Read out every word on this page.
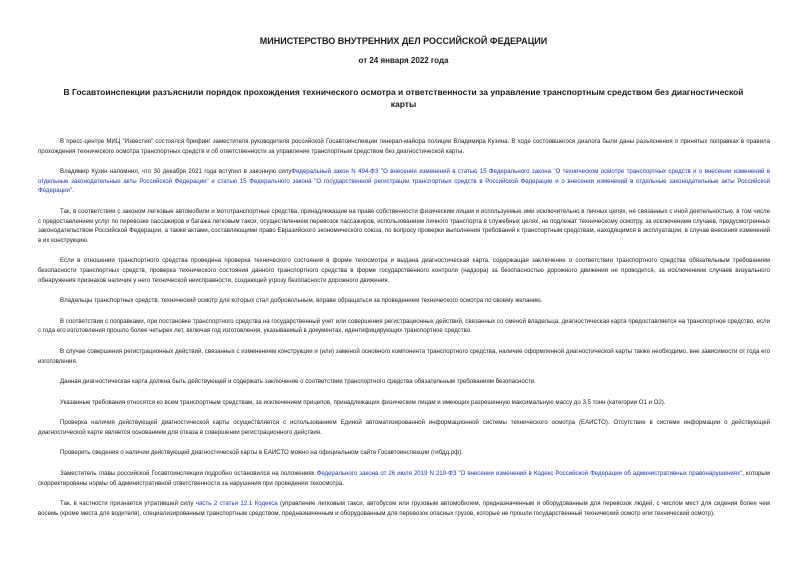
МИНИСТЕРСТВО ВНУТРЕННИХ ДЕЛ РОССИЙСКОЙ ФЕДЕРАЦИИ
от 24 января 2022 года
В Госавтоинспекции разъяснили порядок прохождения технического осмотра и ответственности за управление транспортным средством без диагностической карты

В пресс-центре МИЦ "Известия" состоялся брифинг заместителя руководителя российской Госавтоинспекции генерал-майора полиции Владимира Кузина. В ходе состоявшегося диалога были даны разъяснения о принятых поправках в правила прохождения технического осмотра транспортных средств и об ответственности за управление транспортным средством без диагностической карты.

Владимир Кузин напомнил, что 30 декабря 2021 года вступил в законную силуФедеральный закон N 494-ФЗ "О внесении изменений в статью 15 Федерального закона "О техническом осмотре транспортных средств и о внесении изменений в отдельные законодательные акты Российской Федерации" и статью 15 Федерального закона "О государственной регистрации транспортных средств в Российской Федерации и о внесении изменений в отдельные законодательные акты Российской Федерации".

Так, в соответствии с законом легковые автомобили и мототранспортные средства, принадлежащие на праве собственности физическим лицам и используемые ими исключительно в личных целях, не связанных с иной деятельностью, в том числе с предоставлением услуг по перевозке пассажиров и багажа легковым такси, осуществлением перевозок пассажиров, использованием личного транспорта в служебных целях, не подлежат техническому осмотру, за исключением случаев, предусмотренных законодательством Российской Федерации, а также актами, составляющими право Евразийского экономического союза, по вопросу проверки выполнения требований к транспортным средствам, находящимся в эксплуатации, в случае внесения изменений в их конструкцию.

Если в отношении транспортного средства проведена проверка технического состояния в форме техосмотра и выдана диагностическая карта, содержащая заключение о соответствии транспортного средства обязательным требованиям безопасности транспортных средств, проверка технического состояния данного транспортного средства в форме государственного контроля (надзора) за безопасностью дорожного движения не проводится, за исключением случаев визуального обнаружения признаков наличия у него технической неисправности, создающей угрозу безопасности дорожного движения.

Владельцы транспортных средств, технический осмотр для которых стал добровольным, вправе обращаться за проведением технического осмотра по своему желанию.

В соответствии с поправками, при постановке транспортного средства на государственный учет или совершения регистрационных действий, связанных со сменой владельца, диагностическая карта предоставляется на транспортное средство, если с года его изготовления прошло более четырех лет, включая год изготовления, указываемый в документах, идентифицирующих транспортное средство.

В случае совершения регистрационных действий, связанных с изменением конструкции и (или) заменой основного компонента транспортного средства, наличие оформленной диагностической карты также необходимо, вне зависимости от года его изготовления.

Данная диагностическая карта должна быть действующей и содержать заключение о соответствии транспортного средства обязательным требованиям безопасности.

Указанные требования относятся ко всем транспортным средствам, за исключением прицепов, принадлежащих физическим лицам и имеющих разрешенную максимальную массу до 3,5 тонн (категории О1 и О2).

Проверка наличия действующей диагностической карты осуществляется с использованием Единой автоматизированной информационной системы технического осмотра (ЕАИСТО). Отсутствие в системе информации о действующей диагностической карте является основанием для отказа в совершении регистрационного действия.

Проверить сведения о наличии действующей диагностической карты в ЕАИСТО можно на официальном сайте Госавтоинспекции (гибдд.рф).

Заместитель главы российской Госавтоинспекции подробно остановился на положениях Федерального закона от 26 июля 2019 N 219-ФЗ "О внесении изменений в Кодекс Российской Федерации об административных правонарушениях", которым скорректированы нормы об административной ответственности за нарушения при проведении техосмотра.

Так, в частности признается утратившей силу часть 2 статьи 12.1 Кодекса (управление легковым такси, автобусом или грузовым автомобилем, предназначенным и оборудованным для перевозок людей, с числом мест для сидения более чем восемь (кроме места для водителя), специализированным транспортным средством, предназначенным и оборудованным для перевозок опасных грузов, которые не прошли государственный технический осмотр или технический осмотр).
